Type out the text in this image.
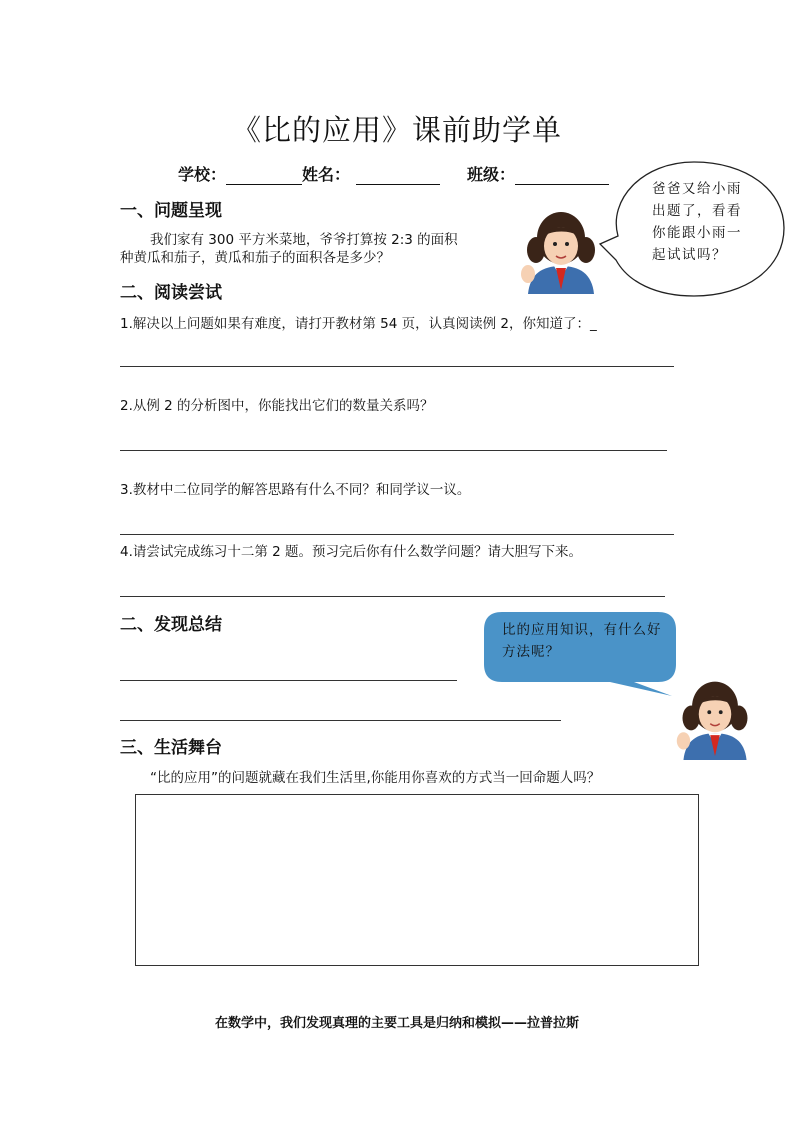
《比的应用》课前助学单
学校：	姓名：	班级：
爸爸又给小雨
出题了，看看
你能跟小雨一
起试试吗？
一、问题呈现
我们家有 300 平方米菜地，爷爷打算按 2:3 的面积
种黄瓜和茄子，黄瓜和茄子的面积各是多少？
二、阅读尝试
1.解决以上问题如果有难度，请打开教材第 54 页，认真阅读例 2，你知道了：_
2.从例 2 的分析图中，你能找出它们的数量关系吗？
3.教材中二位同学的解答思路有什么不同？和同学议一议。
4.请尝试完成练习十二第 2 题。预习完后你有什么数学问题？请大胆写下来。
二、发现总结	比的应用知识，有什么好
方法呢？
三、生活舞台
“比的应用”的问题就藏在我们生活里,你能用你喜欢的方式当一回命题人吗？
在数学中，我们发现真理的主要工具是归纳和模拟——拉普拉斯
